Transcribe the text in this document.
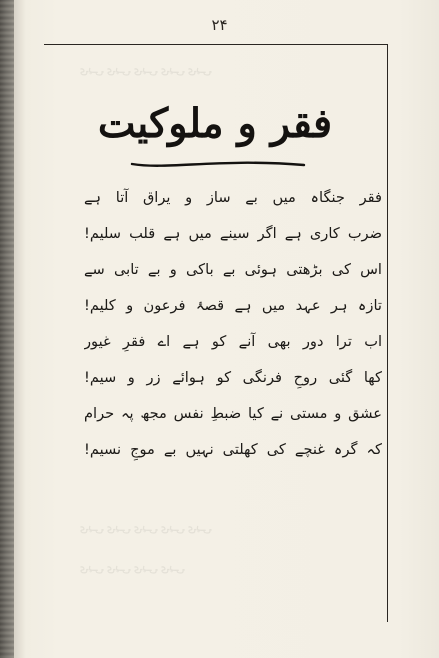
ۍؠۍ ۍؠۍ ۍؠۍ ۍؠۍ ۍؠۍ
ۍؠۍ ۍؠۍ ۍؠۍ ۍؠۍ ۍؠۍ
ۍؠۍ ۍؠۍ ۍؠۍ ۍؠۍ
۲۴
فقر و ملوکیت
فقر جنگاہ میں بے ساز و یراق آتا ہے
ضرب کاری ہے اگر سینے میں ہے قلب سلیم!
اس کی بڑھتی ہوئی بے باکی و بے تابی سے
تازہ ہر عہد میں ہے قصۂ فرعون و کلیم!
اب ترا دور بھی آنے کو ہے اے فقرِ غیور
کھا گئی روحِ فرنگی کو ہوائے زر و سیم!
عشق و مستی نے کیا ضبطِ نفس مجھ پہ حرام
کہ گرہ غنچے کی کھلتی نہیں بے موجِ نسیم!
